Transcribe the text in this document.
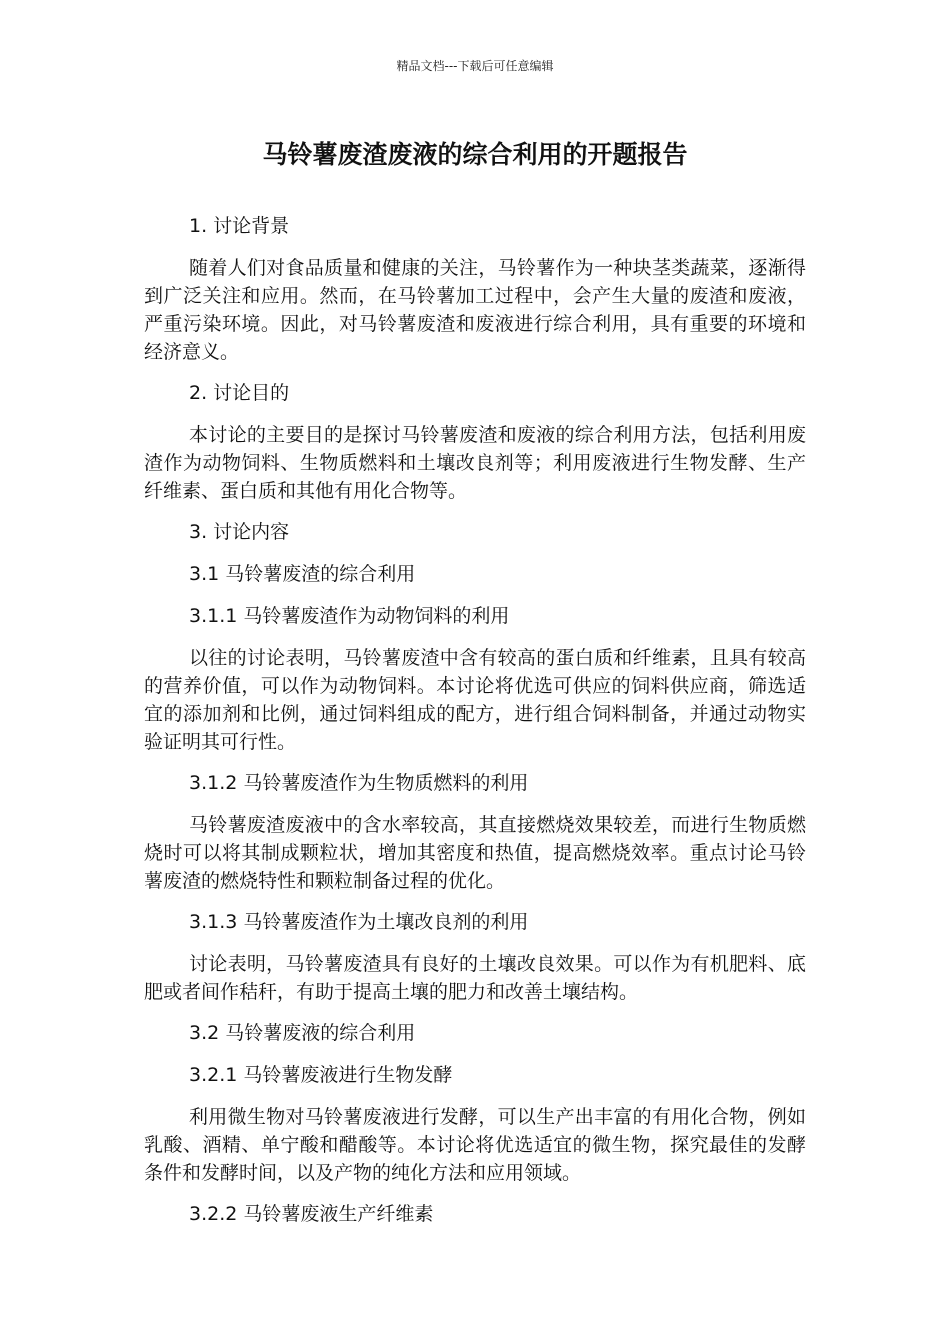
精品文档---下载后可任意编辑
马铃薯废渣废液的综合利用的开题报告
1. 讨论背景

随着人们对食品质量和健康的关注，马铃薯作为一种块茎类蔬菜，逐渐得到广泛关注和应用。然而，在马铃薯加工过程中，会产生大量的废渣和废液，严重污染环境。因此，对马铃薯废渣和废液进行综合利用，具有重要的环境和经济意义。

2. 讨论目的

本讨论的主要目的是探讨马铃薯废渣和废液的综合利用方法，包括利用废渣作为动物饲料、生物质燃料和土壤改良剂等；利用废液进行生物发酵、生产纤维素、蛋白质和其他有用化合物等。

3. 讨论内容
3.1 马铃薯废渣的综合利用
3.1.1 马铃薯废渣作为动物饲料的利用

以往的讨论表明，马铃薯废渣中含有较高的蛋白质和纤维素，且具有较高的营养价值，可以作为动物饲料。本讨论将优选可供应的饲料供应商，筛选适宜的添加剂和比例，通过饲料组成的配方，进行组合饲料制备，并通过动物实验证明其可行性。

3.1.2 马铃薯废渣作为生物质燃料的利用

马铃薯废渣废液中的含水率较高，其直接燃烧效果较差，而进行生物质燃烧时可以将其制成颗粒状，增加其密度和热值，提高燃烧效率。重点讨论马铃薯废渣的燃烧特性和颗粒制备过程的优化。

3.1.3 马铃薯废渣作为土壤改良剂的利用

讨论表明，马铃薯废渣具有良好的土壤改良效果。可以作为有机肥料、底肥或者间作秸秆，有助于提高土壤的肥力和改善土壤结构。

3.2 马铃薯废液的综合利用
3.2.1 马铃薯废液进行生物发酵

利用微生物对马铃薯废液进行发酵，可以生产出丰富的有用化合物，例如乳酸、酒精、单宁酸和醋酸等。本讨论将优选适宜的微生物，探究最佳的发酵条件和发酵时间，以及产物的纯化方法和应用领域。

3.2.2 马铃薯废液生产纤维素
